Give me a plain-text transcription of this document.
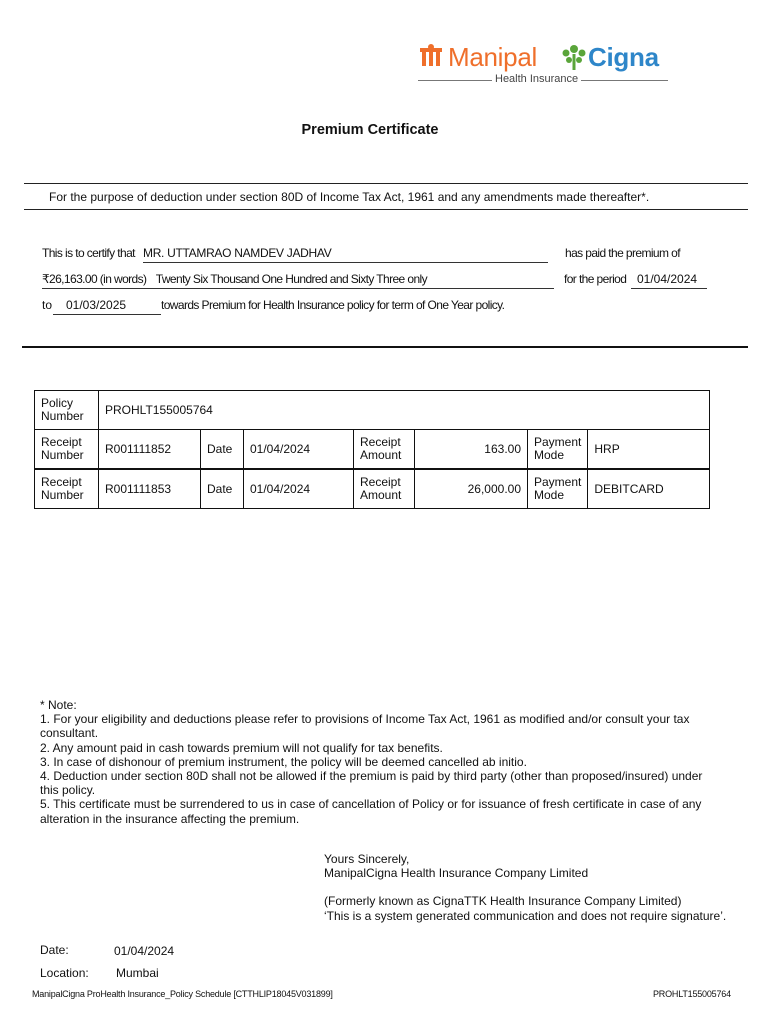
Manipal Cigna
Health Insurance
Premium Certificate
For the purpose of deduction under section 80D of Income Tax Act, 1961 and any amendments made thereafter*.
This is to certify that MR. UTTAMRAO NAMDEV JADHAV	has paid the premium of
₹26,163.00 (in words) Twenty Six Thousand One Hundred and Sixty Three only	for the period 01/04/2024
to	01/03/2025	towards Premium for Health Insurance policy for term of One Year policy.
Policy Number	PROHLT155005764						
Receipt Number	R001111852	Date	01/04/2024	Receipt Amount	163.00	Payment Mode	HRP
Receipt Number	R001111853	Date	01/04/2024	Receipt Amount	26,000.00	Payment Mode	DEBITCARD
* Note:
1. For your eligibility and deductions please refer to provisions of Income Tax Act, 1961 as modified and/or consult your tax consultant.
2. Any amount paid in cash towards premium will not qualify for tax benefits.
3. In case of dishonour of premium instrument, the policy will be deemed cancelled ab initio.
4. Deduction under section 80D shall not be allowed if the premium is paid by third party (other than proposed/insured) under this policy.
5. This certificate must be surrendered to us in case of cancellation of Policy or for issuance of fresh certificate in case of any alteration in the insurance affecting the premium.
Yours Sincerely,
ManipalCigna Health Insurance Company Limited
(Formerly known as CignaTTK Health Insurance Company Limited)
‘This is a system generated communication and does not require signature’.
Date:	01/04/2024
Location: Mumbai
ManipalCigna ProHealth Insurance_Policy Schedule [CTTHLIP18045V031899]	PROHLT155005764
